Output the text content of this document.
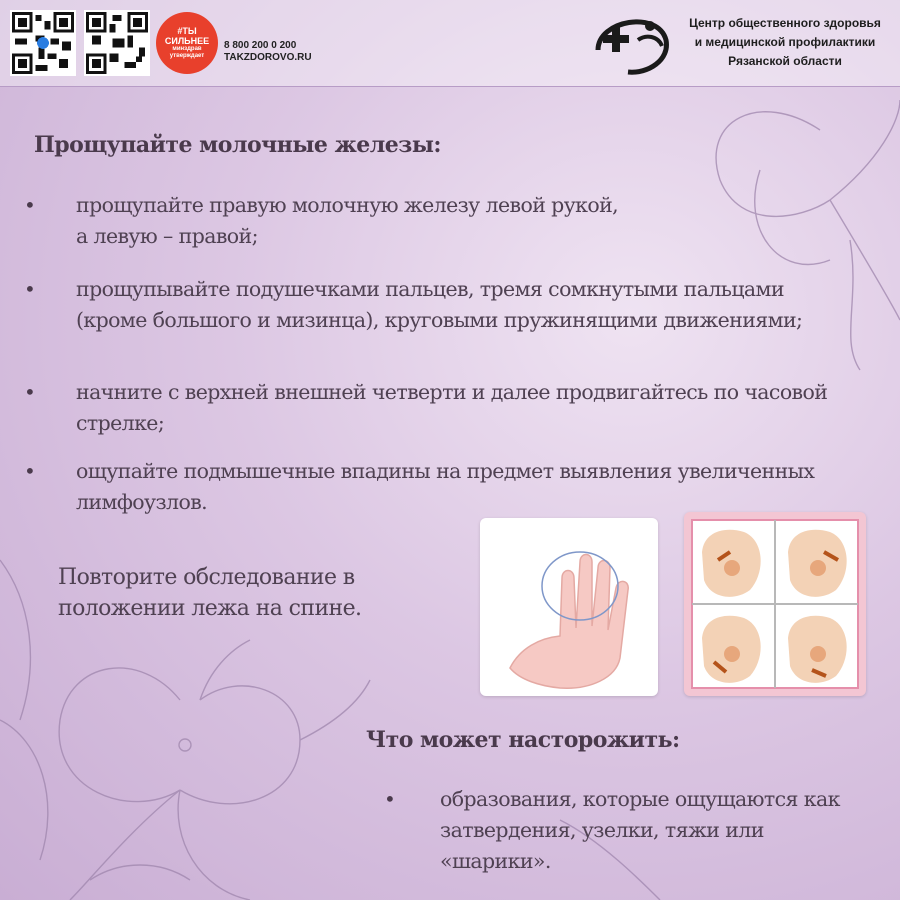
#ТЫ
СИЛЬНЕЕ
минздрав
утверждает
8 800 200 0 200
TAKZDOROVO.RU
Центр общественного здоровья
и медицинской профилактики
Рязанской области
Прощупайте молочные железы:
• прощупайте правую молочную железу левой рукой,
а левую – правой;
• прощупывайте подушечками пальцев, тремя сомкнутыми пальцами (кроме большого и мизинца), круговыми пружинящими движениями;
• начните с верхней внешней четверти и далее продвигайтесь по часовой стрелке;
• ощупайте подмышечные впадины на предмет выявления увеличенных лимфоузлов.
Повторите обследование в положении лежа на спине.
Что может насторожить:
• образования, которые ощущаются как затвердения, узелки, тяжи или «шарики».
